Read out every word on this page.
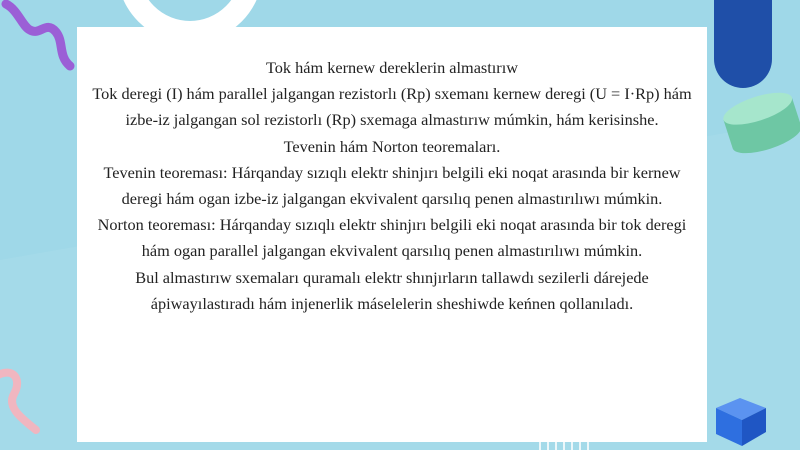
Tok hám kernew dereklerin almastırıw

Tok deregi (I) hám parallel jalgangan rezistorlı (Rp) sxemanı kernew deregi (U = I·Rp) hám izbe-iz jalgangan sol rezistorlı (Rp) sxemaga almastırıw múmkin, hám kerisinshe.

Tevenin hám Norton teoremaları.

Tevenin teoreması: Hárqanday sızıqlı elektr shinjırı belgili eki noqat arasında bir kernew deregi hám ogan izbe-iz jalgangan ekvivalent qarsılıq penen almastırılıwı múmkin.

Norton teoreması: Hárqanday sızıqlı elektr shinjırı belgili eki noqat arasında bir tok deregi hám ogan parallel jalgangan ekvivalent qarsılıq penen almastırılıwı múmkin.

Bul almastırıw sxemaları quramalı elektr shınjırların tallawdı sezilerli dárejede ápiwayılastıradı hám injenerlik máselelerin sheshiwde keńnen qollanıladı.
